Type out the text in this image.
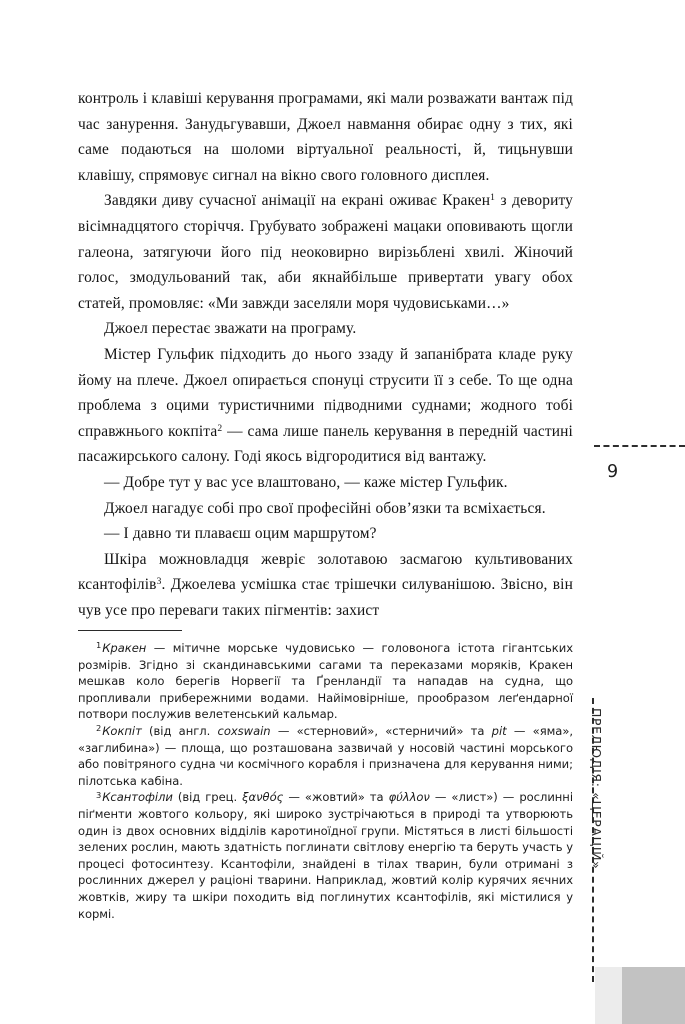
контроль і клавіші керування програмами, які мали розважати вантаж під час занурення. Занудьгувавши, Джоел навмання обирає одну з тих, які саме подаються на шоломи віртуальної реальності, й, тицьнувши клавішу, спрямовує сигнал на вікно свого головного дисплея.

Завдяки диву сучасної анімації на екрані оживає Кракен$^1$ з девориту вісімнадцятого сторіччя. Грубувато зображені мацаки оповивають щогли галеона, затягуючи його під неоковирно вирізьблені хвилі. Жіночий голос, змодульований так, аби якнайбільше привертати увагу обох статей, промовляє: «Ми завжди заселяли моря чудовиськами…»

Джоел перестає зважати на програму.

Містер Гульфик підходить до нього ззаду й запанібрата кладе руку йому на плече. Джоел опирається спонуці струсити її з себе. То ще одна проблема з оцими туристичними підводними суднами; жодного тобі справжнього кокпіта$^2$ — сама лише панель керування в передній частині пасажирського салону. Годі якось відгородитися від вантажу.

— Добре тут у вас усе влаштовано, — каже містер Гульфик.

Джоел нагадує собі про свої професійні обов’язки та всміхається.

— І давно ти плаваєш оцим маршрутом?

Шкіра можновладця жевріє золотавою засмагою культивованих ксантофілів$^3$. Джоелева усмішка стає трішечки силуванішою. Звісно, він чув усе про переваги таких пігментів: захист

$^1$Кракен — мітичне морське чудовисько — головонога істота гігантських розмірів. Згідно зі скандинавськими сагами та переказами моряків, Кракен мешкав коло берегів Норвегії та Ґренландії та нападав на судна, що пропливали прибережними водами. Найімовірніше, прообразом леґендарної потвори послужив велетенський кальмар.

$^2$Кокпіт (від англ. coxswain — «стерновий», «стерничий» та pit — «яма», «заглибина») — площа, що розташована зазвичай у носовій частині морського або повітряного судна чи космічного корабля і призначена для керування ними; пілотська кабіна.

$^3$Ксантофіли (від грец. ξανθός — «жовтий» та φύλλον — «лист») — рослинні піґменти жовтого кольору, які широко зустрічаються в природі та утворюють один із двох основних відділів каротиноїдної групи. Містяться в листі більшості зелених рослин, мають здатність поглинати світлову енергію та беруть участь у процесі фотосинтезу. Ксантофіли, знайдені в тілах тварин, були отримані з рослинних джерел у раціоні тварини. Наприклад, жовтий колір курячих яєчних жовтків, жиру та шкіри походить від поглинутих ксантофілів, які містилися у кормі.

9
ПРЕЛЮДІЯ: «ЦЕРАЦІЙ»
